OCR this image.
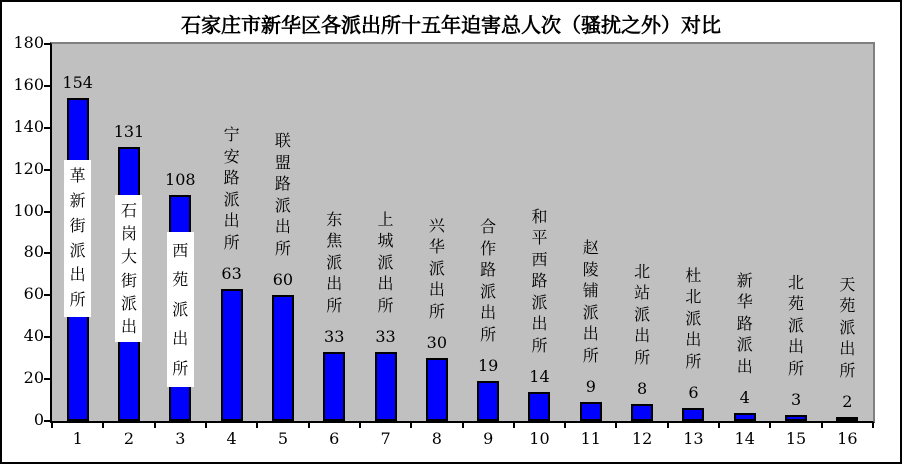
石家庄市新华区各派出所十五年迫害总人次（骚扰之外）对比
0
20
40
60
80
100
120
140
160
180
1
154
革
新
街
派
出
所
2
131
石
岗
大
街
派
出
3
108
西
苑
派
出
所
4
63
宁
安
路
派
出
所
5
60
联
盟
路
派
出
所
6
33
东
焦
派
出
所
7
33
上
城
派
出
所
8
30
兴
华
派
出
所
9
19
合
作
路
派
出
所
10
14
和
平
西
路
派
出
所
11
9
赵
陵
铺
派
出
所
12
8
北
站
派
出
所
13
6
杜
北
派
出
所
14
4
新
华
路
派
出
15
3
北
苑
派
出
所
16
2
天
苑
派
出
所
